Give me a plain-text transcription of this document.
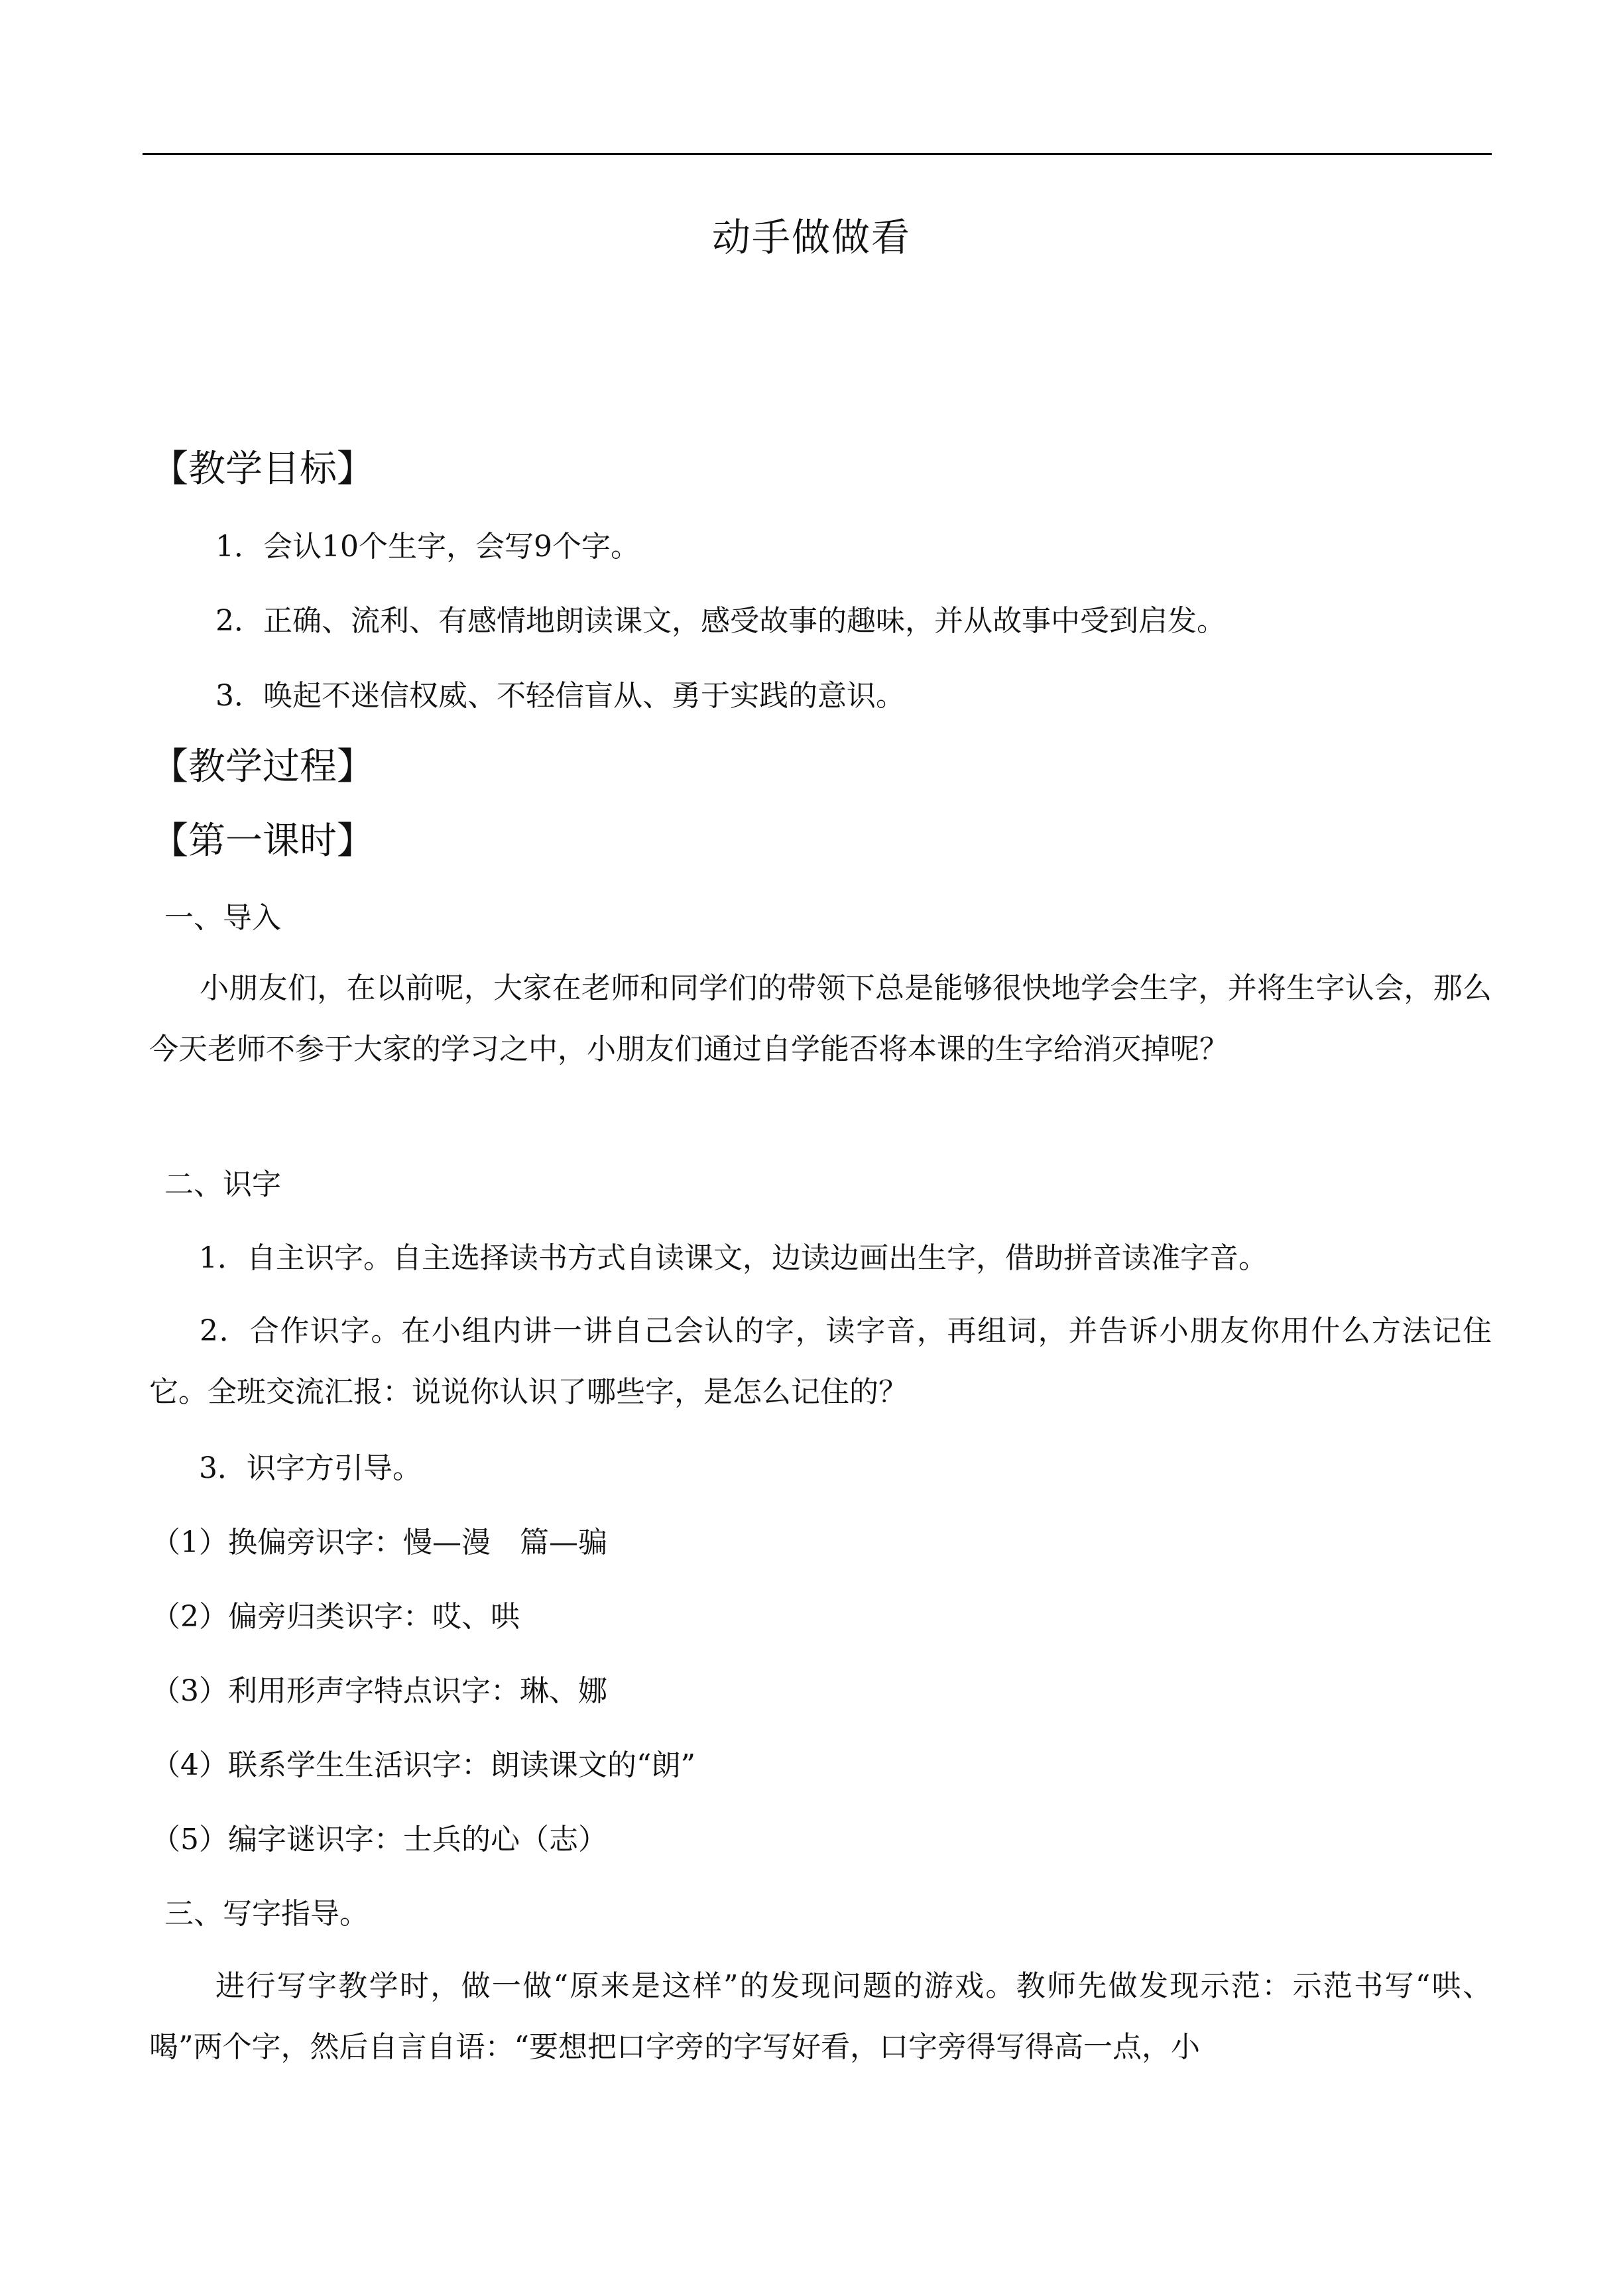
动手做做看
【教学目标】
1．会认10个生字，会写9个字。
2．正确、流利、有感情地朗读课文，感受故事的趣味，并从故事中受到启发。
3．唤起不迷信权威、不轻信盲从、勇于实践的意识。
【教学过程】
【第一课时】
一、导入
小朋友们，在以前呢，大家在老师和同学们的带领下总是能够很快地学会生字，并将生字认会，那么今天老师不参于大家的学习之中，小朋友们通过自学能否将本课的生字给消灭掉呢？
二、识字
1．自主识字。自主选择读书方式自读课文，边读边画出生字，借助拼音读准字音。
2．合作识字。在小组内讲一讲自己会认的字，读字音，再组词，并告诉小朋友你用什么方法记住它。全班交流汇报：说说你认识了哪些字，是怎么记住的？
3．识字方引导。
（1）换偏旁识字：慢—漫　篇—骗
（2）偏旁归类识字：哎、哄
（3）利用形声字特点识字：琳、娜
（4）联系学生生活识字：朗读课文的“朗”
（5）编字谜识字：士兵的心（志）
三、写字指导。
进行写字教学时，做一做“原来是这样”的发现问题的游戏。教师先做发现示范：示范书写“哄、喝”两个字，然后自言自语：“要想把口字旁的字写好看，口字旁得写得高一点，小
